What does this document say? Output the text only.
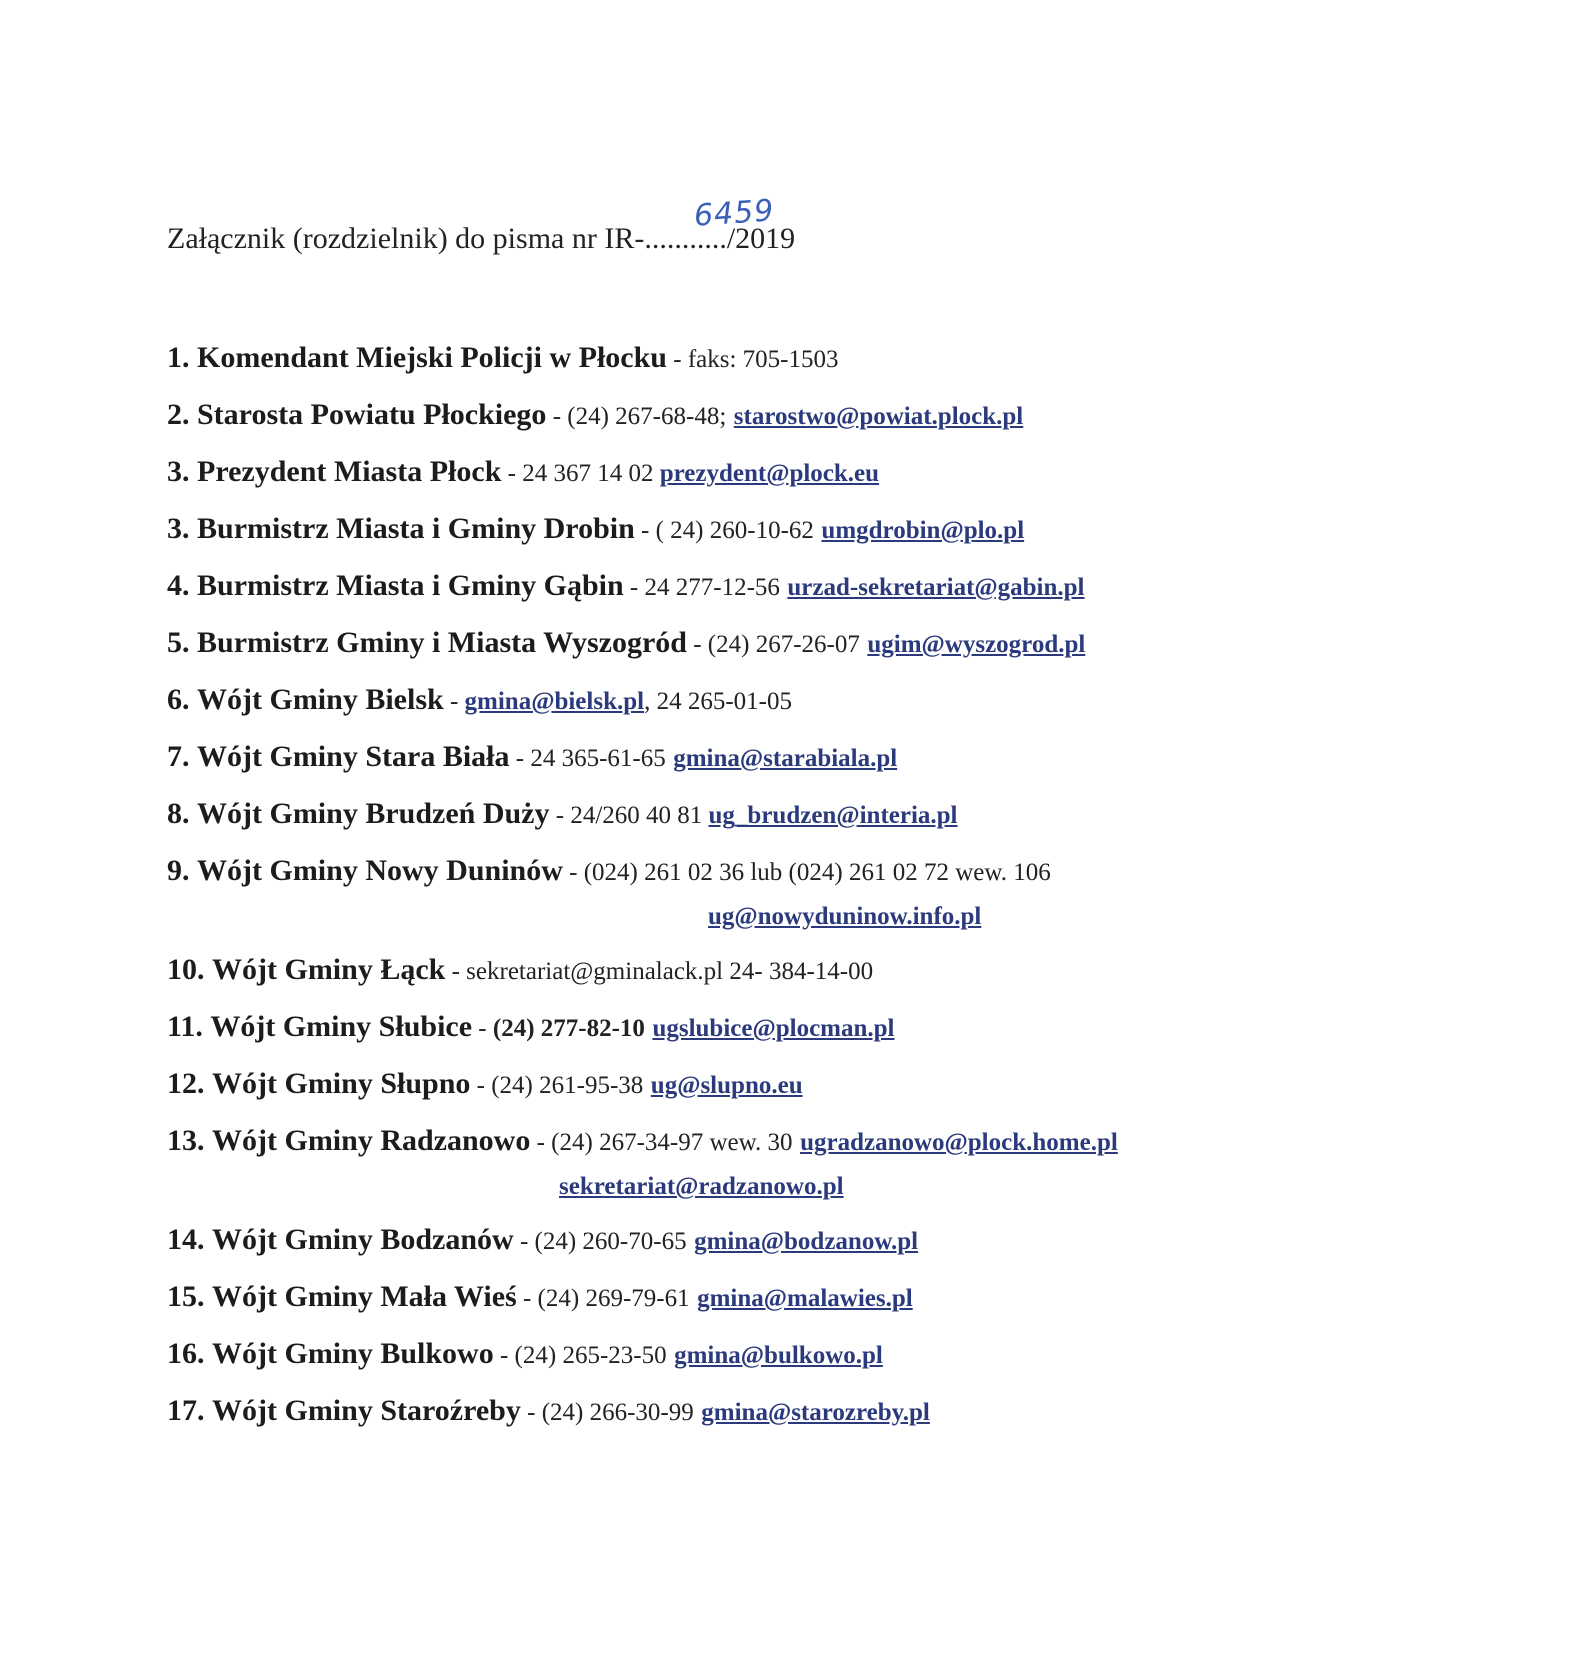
Załącznik (rozdzielnik) do pisma nr IR-...........
6459
/2019
1. Komendant Miejski Policji w Płocku - faks: 705-1503
2. Starosta Powiatu Płockiego - (24) 267-68-48; starostwo@powiat.plock.pl
3. Prezydent Miasta Płock - 24 367 14 02 prezydent@plock.eu
3. Burmistrz Miasta i Gminy Drobin - ( 24) 260-10-62 umgdrobin@plo.pl
4. Burmistrz Miasta i Gminy Gąbin - 24 277-12-56 urzad-sekretariat@gabin.pl
5. Burmistrz Gminy i Miasta Wyszogród - (24) 267-26-07 ugim@wyszogrod.pl
6. Wójt Gminy Bielsk - gmina@bielsk.pl, 24 265-01-05
7. Wójt Gminy Stara Biała - 24 365-61-65 gmina@starabiala.pl
8. Wójt Gminy Brudzeń Duży - 24/260 40 81 ug_brudzen@interia.pl
9. Wójt Gminy Nowy Duninów - (024) 261 02 36 lub (024) 261 02 72 wew. 106
ug@nowyduninow.info.pl
10. Wójt Gminy Łąck - sekretariat@gminalack.pl 24- 384-14-00
11. Wójt Gminy Słubice - (24) 277-82-10 ugslubice@plocman.pl
12. Wójt Gminy Słupno - (24) 261-95-38 ug@slupno.eu
13. Wójt Gminy Radzanowo - (24) 267-34-97 wew. 30 ugradzanowo@plock.home.pl
sekretariat@radzanowo.pl
14. Wójt Gminy Bodzanów - (24) 260-70-65 gmina@bodzanow.pl
15. Wójt Gminy Mała Wieś - (24) 269-79-61 gmina@malawies.pl
16. Wójt Gminy Bulkowo - (24) 265-23-50 gmina@bulkowo.pl
17. Wójt Gminy Staroźreby - (24) 266-30-99 gmina@starozreby.pl
